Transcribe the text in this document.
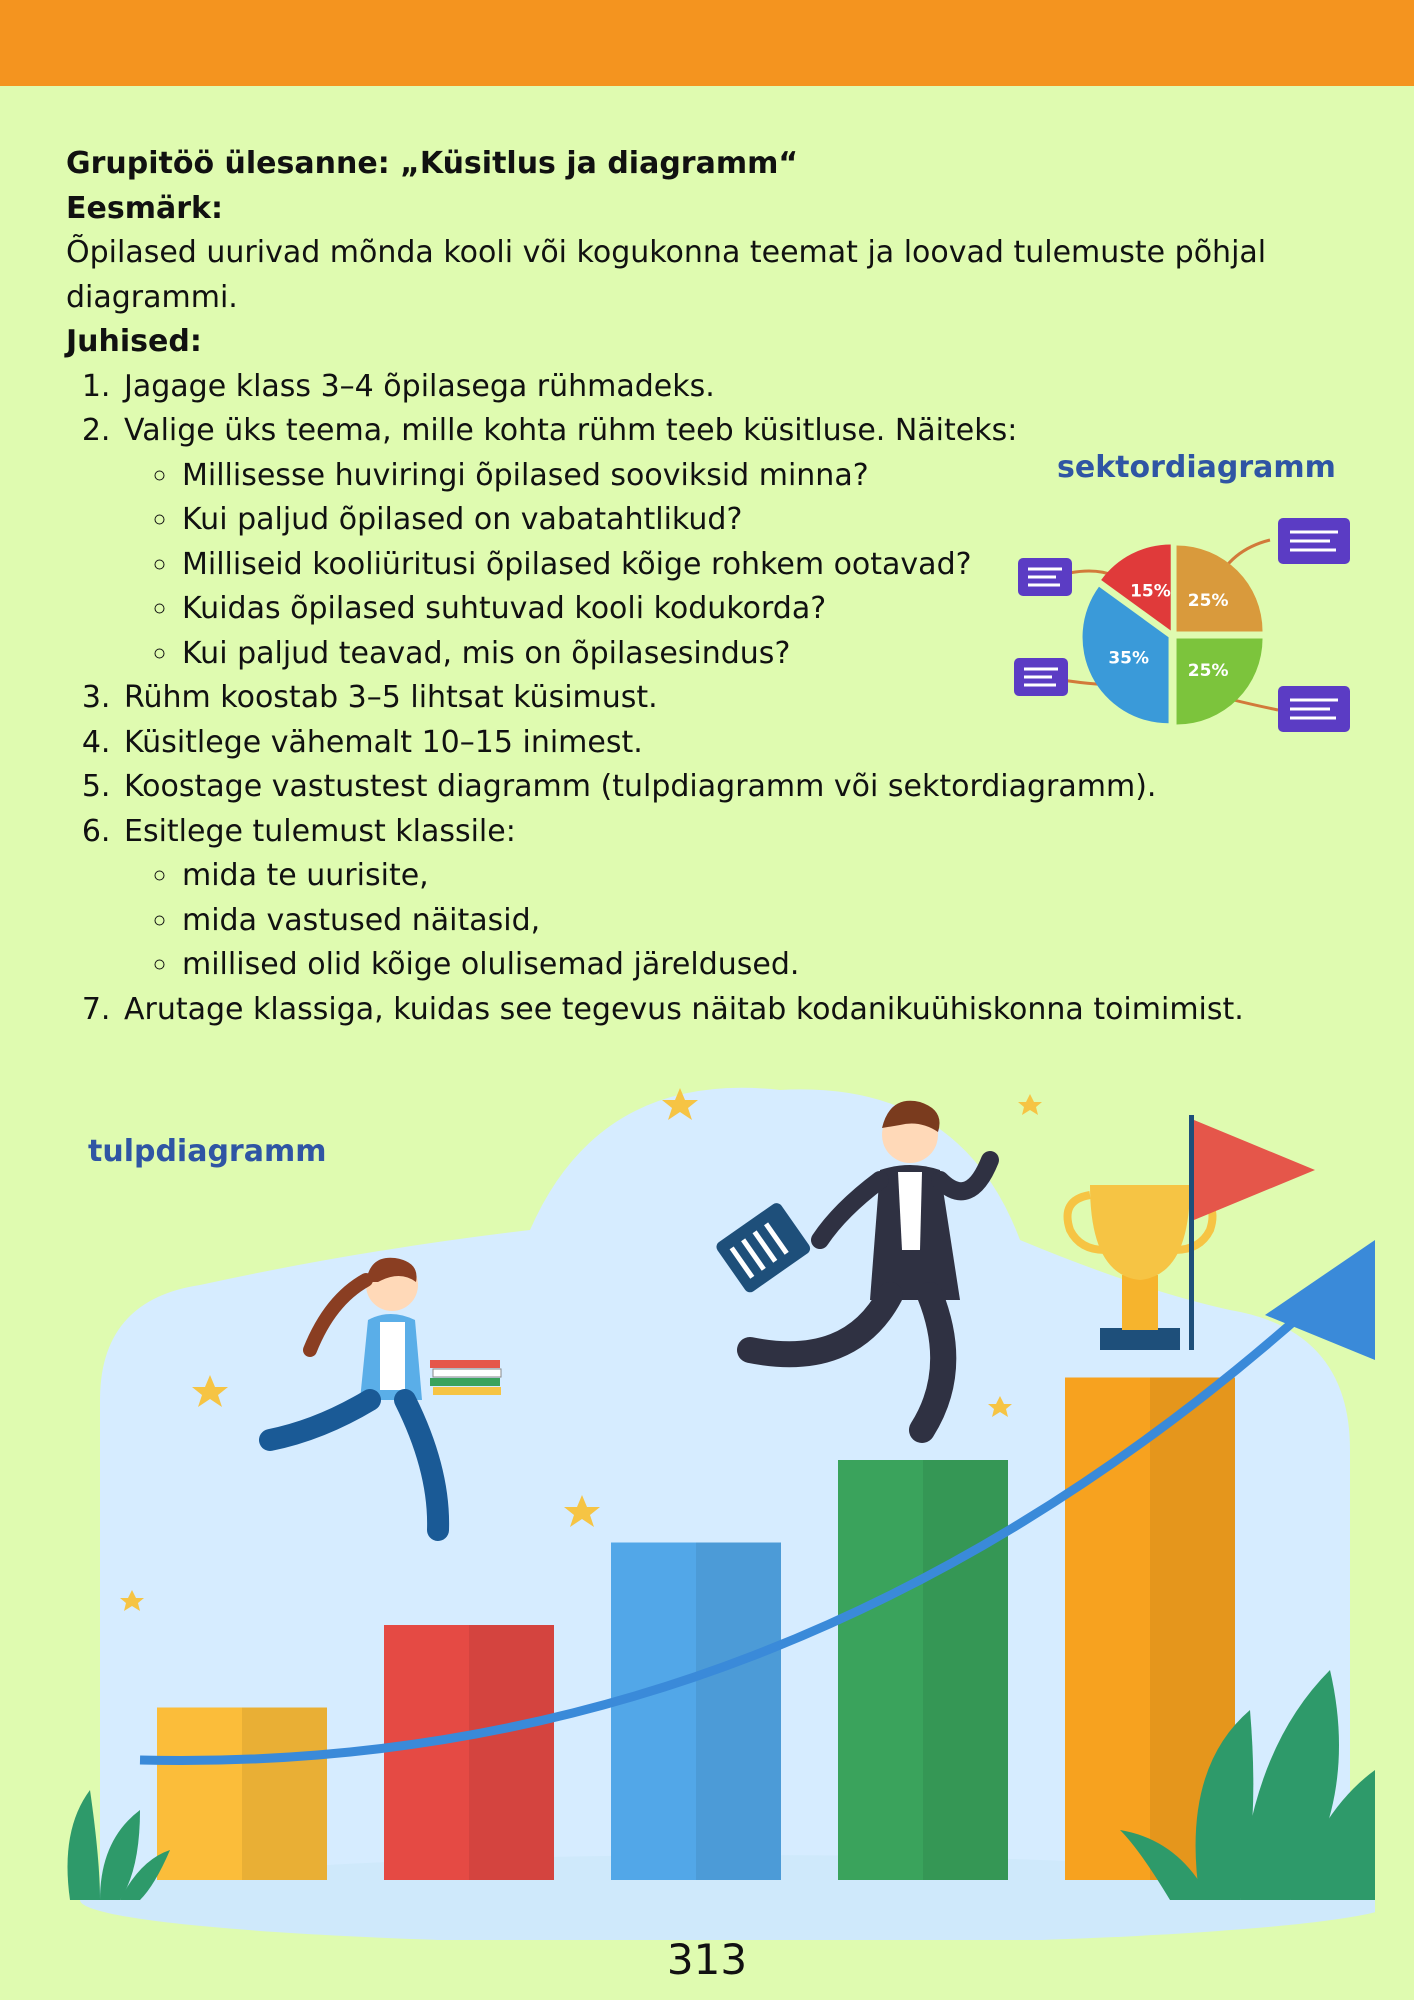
Grupitöö ülesanne: „Küsitlus ja diagramm“

Eesmärk:

Õpilased uurivad mõnda kooli või kogukonna teemat ja loovad tulemuste põhjal diagrammi.

Juhised:

1. Jagage klass 3–4 õpilasega rühmadeks.
2. Valige üks teema, mille kohta rühm teeb küsitluse. Näiteks:
◦ Millisesse huviringi õpilased sooviksid minna?
◦ Kui paljud õpilased on vabatahtlikud?
◦ Milliseid kooliüritusi õpilased kõige rohkem ootavad?
◦ Kuidas õpilased suhtuvad kooli kodukorda?
◦ Kui paljud teavad, mis on õpilasesindus?
3. Rühm koostab 3–5 lihtsat küsimust.
4. Küsitlege vähemalt 10–15 inimest.
5. Koostage vastustest diagramm (tulpdiagramm või sektordiagramm).
6. Esitlege tulemust klassile:
◦ mida te uurisite,
◦ mida vastused näitasid,
◦ millised olid kõige olulisemad järeldused.
7. Arutage klassiga, kuidas see tegevus näitab kodanikuühiskonna toimimist.
sektordiagramm
15% 25%
25%
35%
tulpdiagramm
313
